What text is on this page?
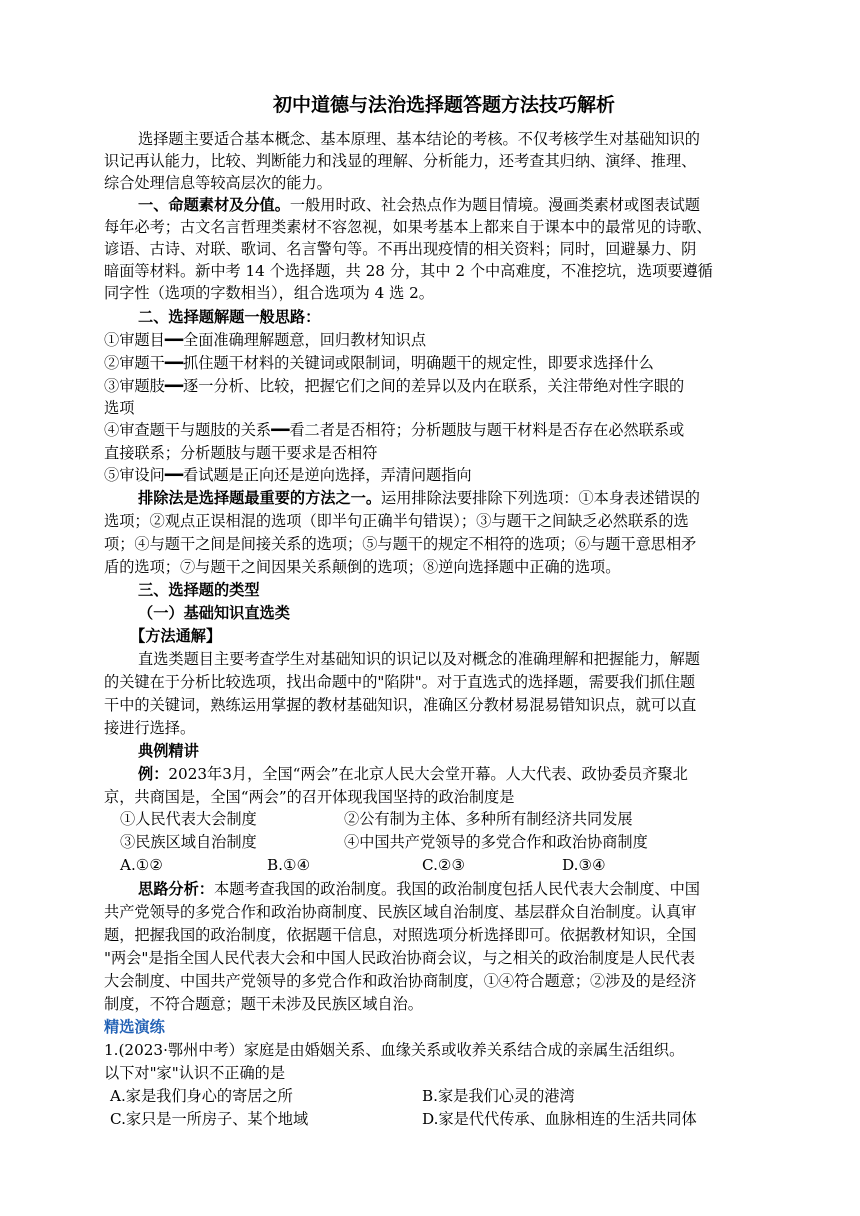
初中道德与法治选择题答题方法技巧解析
选择题主要适合基本概念、基本原理、基本结论的考核。不仅考核学生对基础知识的
识记再认能力，比较、判断能力和浅显的理解、分析能力，还考查其归纳、演绎、推理、
综合处理信息等较高层次的能力。
一、命题素材及分值。一般用时政、社会热点作为题目情境。漫画类素材或图表试题
每年必考；古文名言哲理类素材不容忽视，如果考基本上都来自于课本中的最常见的诗歌、
谚语、古诗、对联、歌词、名言警句等。不再出现疫情的相关资料；同时，回避暴力、阴
暗面等材料。新中考 14 个选择题，共 28 分，其中 2 个中高难度，不准挖坑，选项要遵循
同字性（选项的字数相当），组合选项为 4 选 2。
二、选择题解题一般思路：
①审题目━━全面准确理解题意，回归教材知识点
②审题干━━抓住题干材料的关键词或限制词，明确题干的规定性，即要求选择什么
③审题肢━━逐一分析、比较，把握它们之间的差异以及内在联系，关注带绝对性字眼的
选项
④审查题干与题肢的关系━━看二者是否相符；分析题肢与题干材料是否存在必然联系或
直接联系；分析题肢与题干要求是否相符
⑤审设问━━看试题是正向还是逆向选择，弄清问题指向
排除法是选择题最重要的方法之一。运用排除法要排除下列选项：①本身表述错误的
选项；②观点正误相混的选项（即半句正确半句错误）；③与题干之间缺乏必然联系的选
项；④与题干之间是间接关系的选项；⑤与题干的规定不相符的选项；⑥与题干意思相矛
盾的选项；⑦与题干之间因果关系颠倒的选项；⑧逆向选择题中正确的选项。
三、选择题的类型
（一）基础知识直选类
【方法通解】
直选类题目主要考查学生对基础知识的识记以及对概念的准确理解和把握能力，解题
的关键在于分析比较选项，找出命题中的"陷阱"。对于直选式的选择题，需要我们抓住题
干中的关键词，熟练运用掌握的教材基础知识，准确区分教材易混易错知识点，就可以直
接进行选择。
典例精讲
例：2023年3月，全国“两会”在北京人民大会堂开幕。人大代表、政协委员齐聚北
京，共商国是，全国“两会”的召开体现我国坚持的政治制度是
①人民代表大会制度	②公有制为主体、多种所有制经济共同发展
③民族区域自治制度	④中国共产党领导的多党合作和政治协商制度
A.①②	B.①④	C.②③	D.③④
思路分析：本题考查我国的政治制度。我国的政治制度包括人民代表大会制度、中国
共产党领导的多党合作和政治协商制度、民族区域自治制度、基层群众自治制度。认真审
题，把握我国的政治制度，依据题干信息，对照选项分析选择即可。依据教材知识，全国
"两会"是指全国人民代表大会和中国人民政治协商会议，与之相关的政治制度是人民代表
大会制度、中国共产党领导的多党合作和政治协商制度，①④符合题意；②涉及的是经济
制度，不符合题意；题干未涉及民族区域自治。
精选演练
1.(2023·鄂州中考）家庭是由婚姻关系、血缘关系或收养关系结合成的亲属生活组织。
以下对"家"认识不正确的是
A.家是我们身心的寄居之所	B.家是我们心灵的港湾
C.家只是一所房子、某个地域	D.家是代代传承、血脉相连的生活共同体
